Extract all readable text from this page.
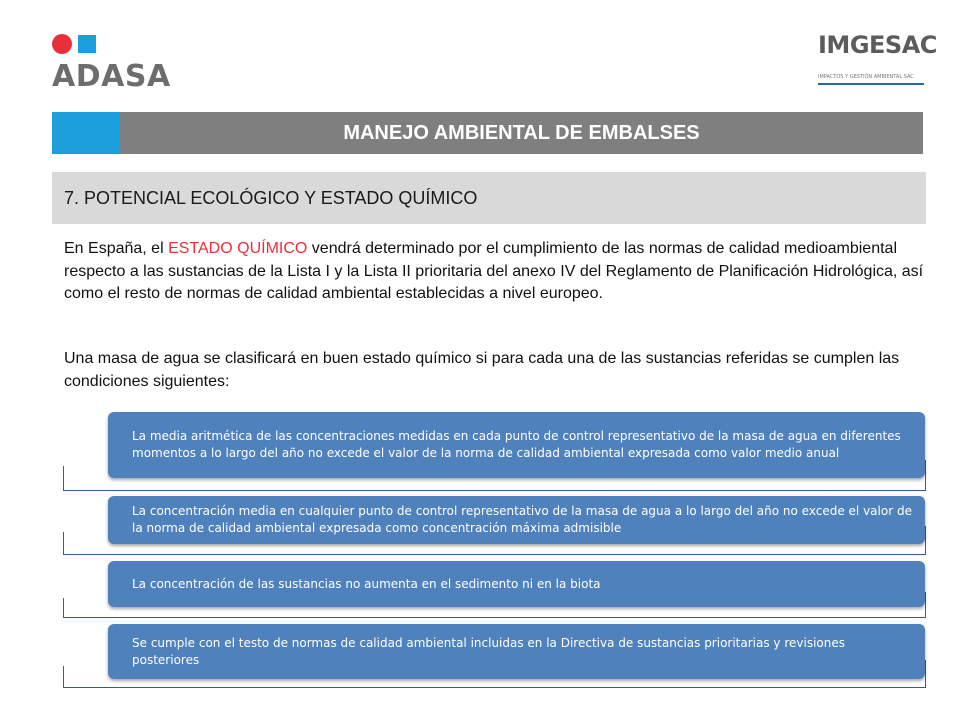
ADASA
IMGESAC
IMPACTOS Y GESTIÓN AMBIENTAL SAC
MANEJO AMBIENTAL DE EMBALSES
7. POTENCIAL ECOLÓGICO Y ESTADO QUÍMICO

En España, el ESTADO QUÍMICO vendrá determinado por el cumplimiento de las normas de calidad medioambiental respecto a las sustancias de la Lista I y la Lista II prioritaria del anexo IV del Reglamento de Planificación Hidrológica, así como el resto de normas de calidad ambiental establecidas a nivel europeo.

Una masa de agua se clasificará en buen estado químico si para cada una de las sustancias referidas se cumplen las condiciones siguientes:

La media aritmética de las concentraciones medidas en cada punto de control representativo de la masa de agua en diferentes momentos a lo largo del año no excede el valor de la norma de calidad ambiental expresada como valor medio anual
La concentración media en cualquier punto de control representativo de la masa de agua a lo largo del año no excede el valor de la norma de calidad ambiental expresada como concentración máxima admisible
La concentración de las sustancias no aumenta en el sedimento ni en la biota
Se cumple con el testo de normas de calidad ambiental incluidas en la Directiva de sustancias prioritarias y revisiones posteriores
